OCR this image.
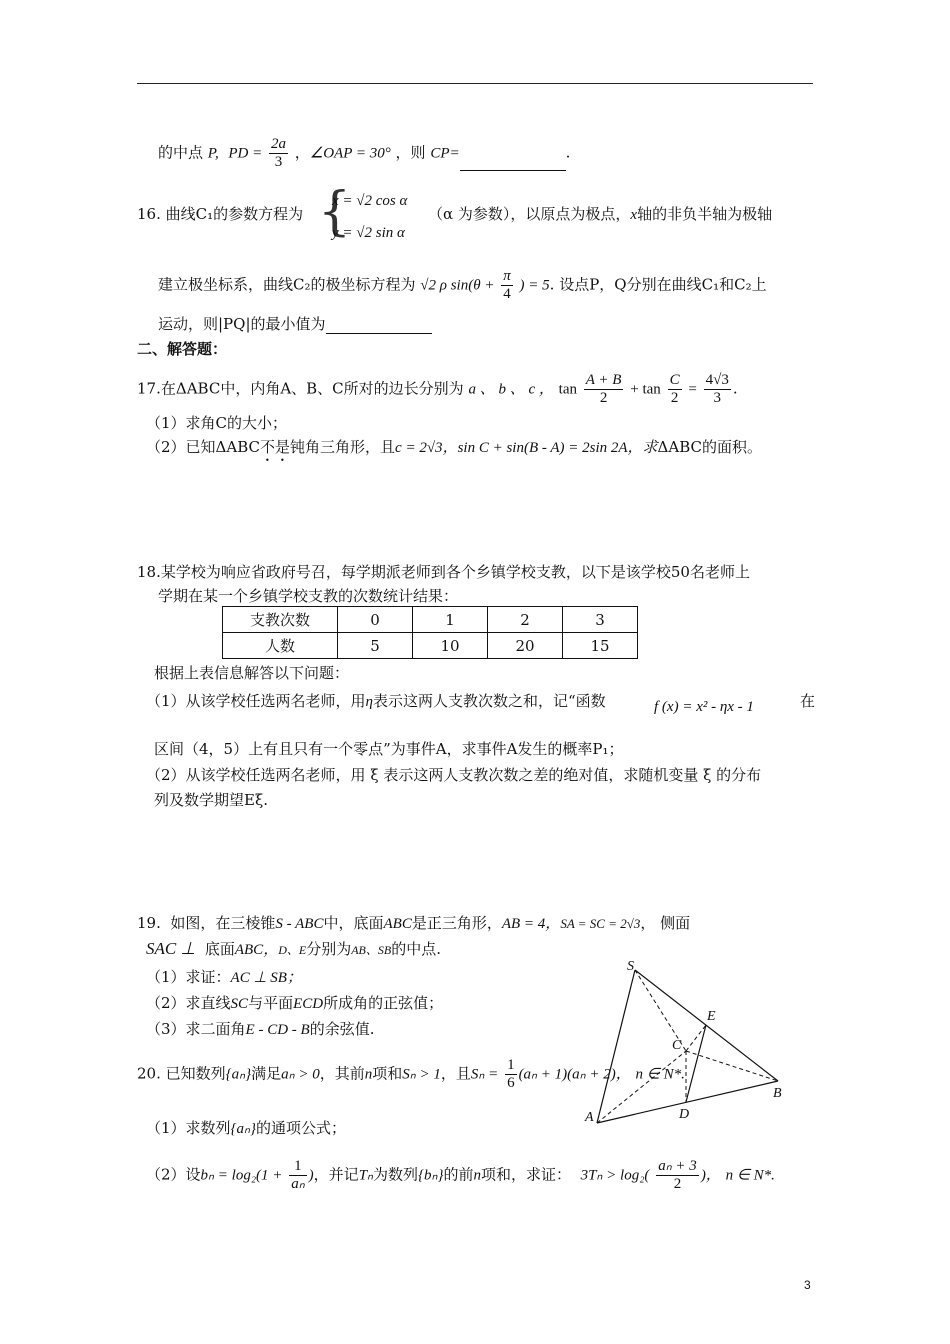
的中点 P, PD = $\frac{2a}{3}$ ，∠OAP = 30° ，则 CP=	.
16. 曲线C₁的参数方程为 {
x = √2 cos α
y = √2 sin α
（α 为参数），以原点为极点，x轴的非负半轴为极轴
建立极坐标系，曲线C₂的极坐标方程为 √2 ρ $\sin(\theta + \frac{\pi}{4}$ ) = 5. 设点P，Q分别在曲线C₁和C₂上
运动，则|PQ|的最小值为
二、解答题：
17.在ΔABC中，内角A、B、C所对的边长分别为 a 、 b 、 c ， $\tan \frac{A + B}{2} + \tan \frac{C}{2} = \frac{4√3}{3}$ .
（1）求角C的大小；
（2）已知ΔABC不是钝角三角形，且c = 2√3，sin C + sin(B - A) = 2sin 2A，求ΔABC的面积。
18.某学校为响应省政府号召，每学期派老师到各个乡镇学校支教，以下是该学校50名老师上
学期在某一个乡镇学校支教的次数统计结果：
支教次数	0	1	2	3
人数	5	10	20	15
根据上表信息解答以下问题：
（1）从该学校任选两名老师，用η表示这两人支教次数之和，记“函数	f (x) = x² - ηx - 1	在
区间（4，5）上有且只有一个零点”为事件A，求事件A发生的概率P₁；
（2）从该学校任选两名老师，用 ξ 表示这两人支教次数之差的绝对值，求随机变量 ξ 的分布
列及数学期望Eξ.
19. 如图，在三棱锥S - ABC中，底面ABC是正三角形，AB = 4，SA = SC = 2√3， 侧面
SAC ⊥ 底面ABC，D、E分别为AB、SB的中点.
（1）求证：AC ⊥ SB；
（2）求直线SC与平面ECD所成角的正弦值；
（3）求二面角E - CD - B的余弦值.
S
E
C
B
A	D
20. 已知数列{aₙ}满足aₙ > 0，其前n项和Sₙ > 1，且$S_n = \frac{1}{6} (a_n + 1)(a_n + 2)$， n ∈ N*.
（1）求数列{aₙ}的通项公式；
（2）设$b_n = \log_2(1 + \frac{1}{\text{aₙ}}$ )，并记Tₙ为数列{bₙ}的前n项和，求证： $3T_n > \log_2( \frac{\text{aₙ + 3}}{2}$ )， n ∈ N*.
3
